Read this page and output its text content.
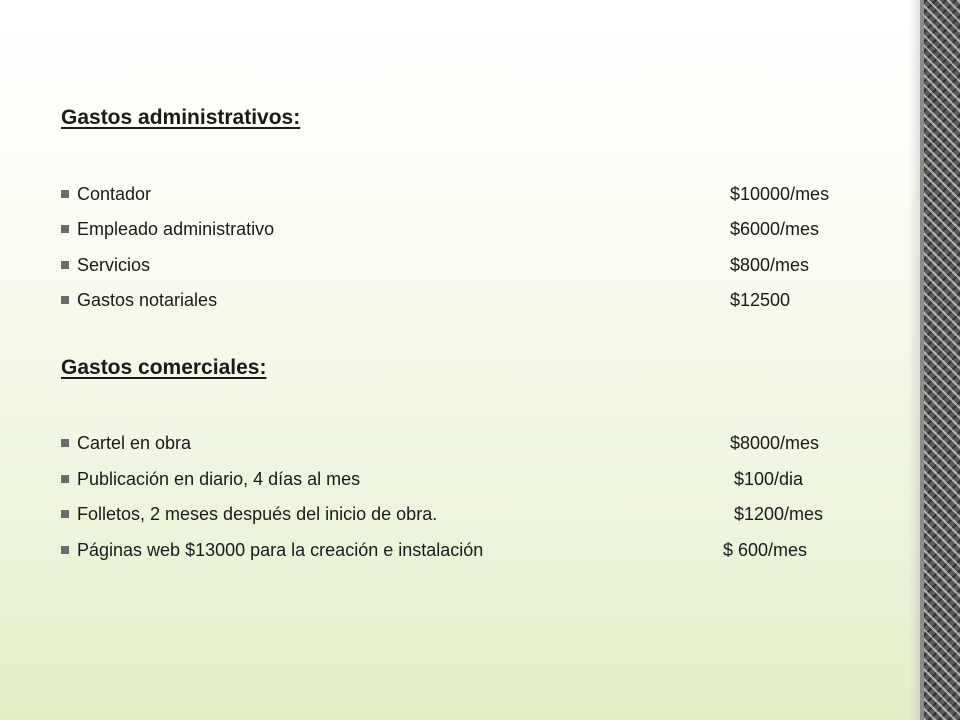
Gastos administrativos:
Contador	$10000/mes
Empleado administrativo	$6000/mes
Servicios	$800/mes
Gastos notariales	$12500
Gastos comerciales:
Cartel en obra	$8000/mes
Publicación en diario, 4 días al mes	$100/dia
Folletos, 2 meses después del inicio de obra.	$1200/mes
Páginas web $13000 para la creación e instalación	$ 600/mes
